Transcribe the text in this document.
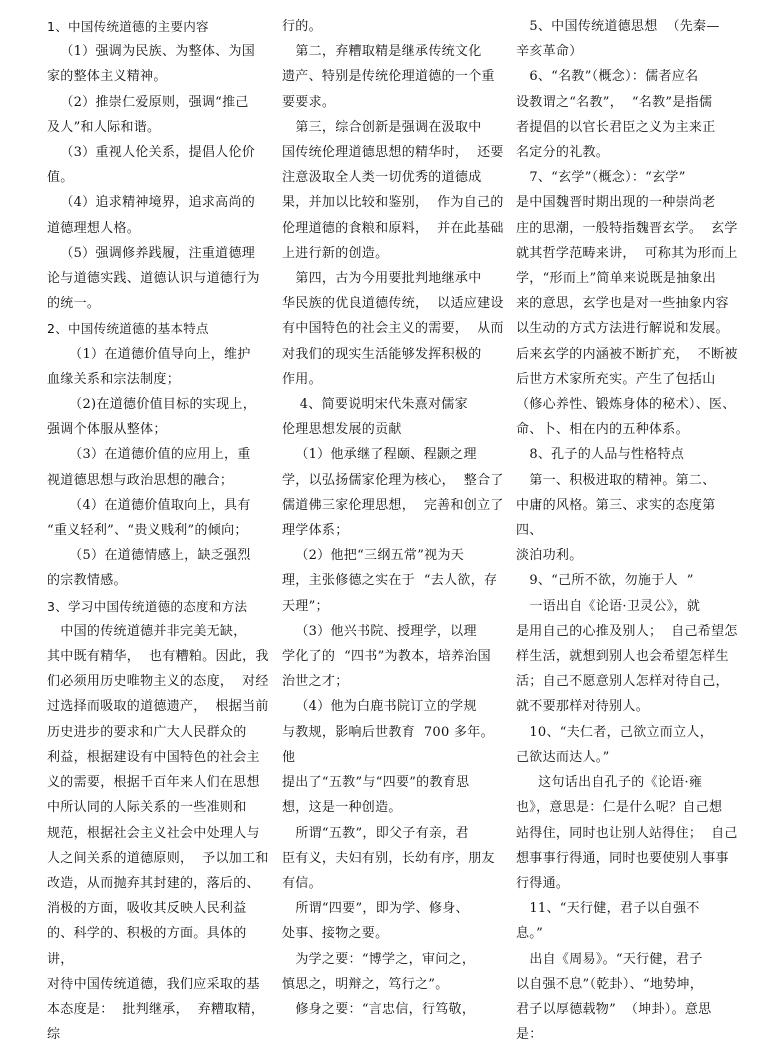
1、中国传统道德的主要内容

（1）强调为民族、为整体、为国

家的整体主义精神。

（2）推崇仁爱原则，强调“推己

及人”和人际和谐。

（3）重视人伦关系，提倡人伦价

值。

（4）追求精神境界，追求高尚的

道德理想人格。

（5）强调修养践履，注重道德理

论与道德实践、道德认识与道德行为

的统一。

2、中国传统道德的基本特点

（1）在道德价值导向上，维护

血缘关系和宗法制度；

（2)在道德价值目标的实现上，

强调个体服从整体；

（3）在道德价值的应用上，重

视道德思想与政治思想的融合；

（4）在道德价值取向上，具有

“重义轻利”、“贵义贱利”的倾向；

（5）在道德情感上，缺乏强烈

的宗教情感。

3、学习中国传统道德的态度和方法

中国的传统道德并非完美无缺，

其中既有精华，  也有糟粕。因此，我

们必须用历史唯物主义的态度，  对经

过选择而吸取的道德遗产，  根据当前

历史进步的要求和广大人民群众的

利益，根据建设有中国特色的社会主

义的需要，根据千百年来人们在思想

中所认同的人际关系的一些准则和

规范，根据社会主义社会中处理人与

人之间关系的道德原则，  予以加工和

改造，从而抛弃其封建的，落后的、

消极的方面，吸收其反映人民利益

的、科学的、积极的方面。具体的讲，

对待中国传统道德，我们应采取的基

本态度是：  批判继承，  弃糟取精，  综

行的。

第二，弃糟取精是继承传统文化

遗产、特别是传统伦理道德的一个重

要要求。

第三，综合创新是强调在汲取中

国传统伦理道德思想的精华时，  还要

注意汲取全人类一切优秀的道德成

果，并加以比较和鉴别，  作为自己的

伦理道德的食粮和原料，  并在此基础

上进行新的创造。

第四，古为今用要批判地继承中

华民族的优良道德传统，  以适应建设

有中国特色的社会主义的需要，  从而

对我们的现实生活能够发挥积极的

作用。

4、简要说明宋代朱熹对儒家

伦理思想发展的贡献

（1）他承继了程颐、程颢之理

学，以弘扬儒家伦理为核心，  整合了

儒道佛三家伦理思想，  完善和创立了

理学体系；

（2）他把“三纲五常”视为天

理，主张修德之实在于  “去人欲，存

天理”；

（3）他兴书院、授理学，以理

学化了的  “四书”为教本，培养治国

治世之才；

（4）他为白鹿书院订立的学规

与教规，影响后世教育  700 多年。他

提出了“五教”与“四要”的教育思

想，这是一种创造。

所谓“五教”，即父子有亲，君

臣有义，夫妇有别，长幼有序，朋友

有信。

所谓“四要”，即为学、修身、

处事、接物之要。

为学之要：“博学之，审问之，

慎思之，明辩之，笃行之”。

修身之要：“言忠信，行笃敬，

5、中国传统道德思想  （先秦—

辛亥革命）

6、“名教”（概念）：儒者应名

设教谓之“名教”，  “名教”是指儒

者提倡的以官长君臣之义为主来正

名定分的礼教。

7、“玄学”（概念）：“玄学”

是中国魏晋时期出现的一种崇尚老

庄的思潮，一般特指魏晋玄学。  玄学

就其哲学范畴来讲，  可称其为形而上

学，“形而上”简单来说既是抽象出

来的意思，玄学也是对一些抽象内容

以生动的方式方法进行解说和发展。

后来玄学的内涵被不断扩充，  不断被

后世方术家所充实。产生了包括山

（修心养性、锻炼身体的秘术）、医、

命、卜、相在内的五种体系。

8、孔子的人品与性格特点

第一、积极进取的精神。第二、

中庸的风格。第三、求实的态度第四、

淡泊功利。

9、“己所不欲，勿施于人  ”

一语出自《论语·卫灵公》，就

是用自己的心推及别人；  自己希望怎

样生活，就想到别人也会希望怎样生

活；自己不愿意别人怎样对待自己，

就不要那样对待别人。

10、“夫仁者，己欲立而立人，

己欲达而达人。”

这句话出自孔子的《论语·雍

也》，意思是：仁是什么呢？自己想

站得住，同时也让别人站得住；  自己

想事事行得通，同时也要使别人事事

行得通。

11、“天行健，君子以自强不

息。”

出自《周易》。“天行健，君子

以自强不息”（乾卦）、“地势坤，

君子以厚德载物”  （坤卦）。意思是：
